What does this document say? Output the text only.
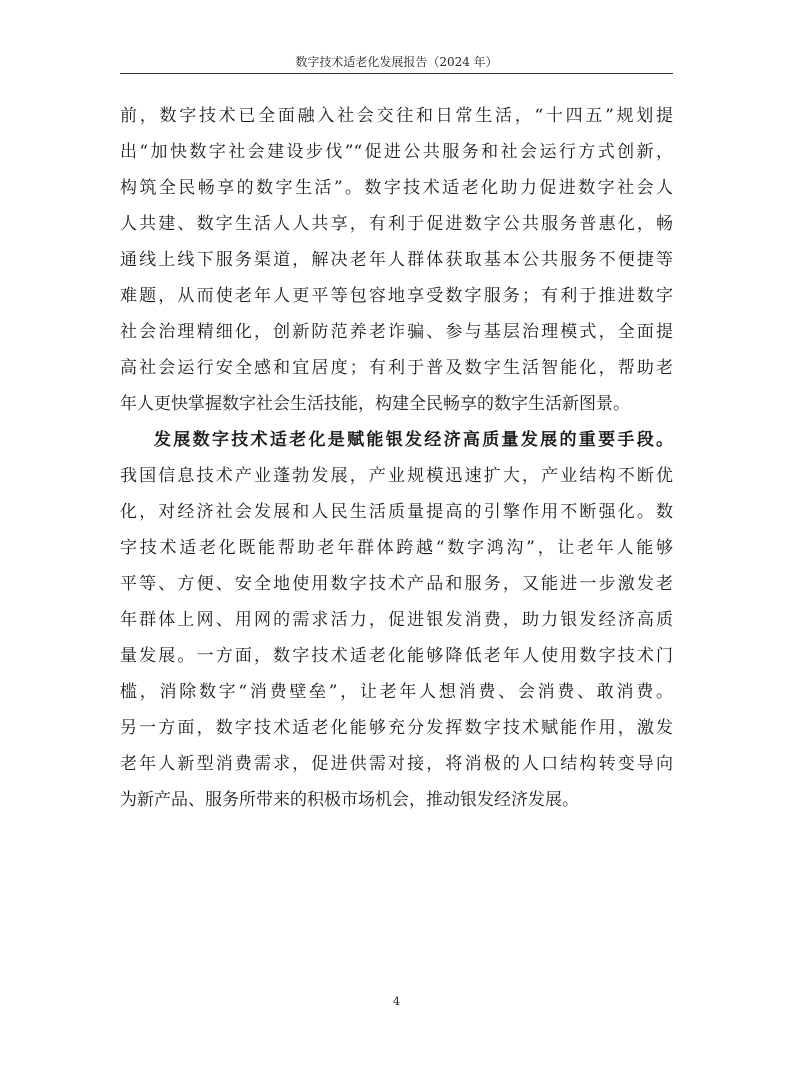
数字技术适老化发展报告（2024 年）
前，数字技术已全面融入社会交往和日常生活，“十四五”规划提
出“加快数字社会建设步伐”“促进公共服务和社会运行方式创新，
构筑全民畅享的数字生活”。数字技术适老化助力促进数字社会人
人共建、数字生活人人共享，有利于促进数字公共服务普惠化，畅
通线上线下服务渠道，解决老年人群体获取基本公共服务不便捷等
难题，从而使老年人更平等包容地享受数字服务；有利于推进数字
社会治理精细化，创新防范养老诈骗、参与基层治理模式，全面提
高社会运行安全感和宜居度；有利于普及数字生活智能化，帮助老
年人更快掌握数字社会生活技能，构建全民畅享的数字生活新图景。
发展数字技术适老化是赋能银发经济高质量发展的重要手段。
我国信息技术产业蓬勃发展，产业规模迅速扩大，产业结构不断优
化，对经济社会发展和人民生活质量提高的引擎作用不断强化。数
字技术适老化既能帮助老年群体跨越“数字鸿沟”，让老年人能够
平等、方便、安全地使用数字技术产品和服务，又能进一步激发老
年群体上网、用网的需求活力，促进银发消费，助力银发经济高质
量发展。一方面，数字技术适老化能够降低老年人使用数字技术门
槛，消除数字“消费壁垒”，让老年人想消费、会消费、敢消费。
另一方面，数字技术适老化能够充分发挥数字技术赋能作用，激发
老年人新型消费需求，促进供需对接，将消极的人口结构转变导向
为新产品、服务所带来的积极市场机会，推动银发经济发展。
4
